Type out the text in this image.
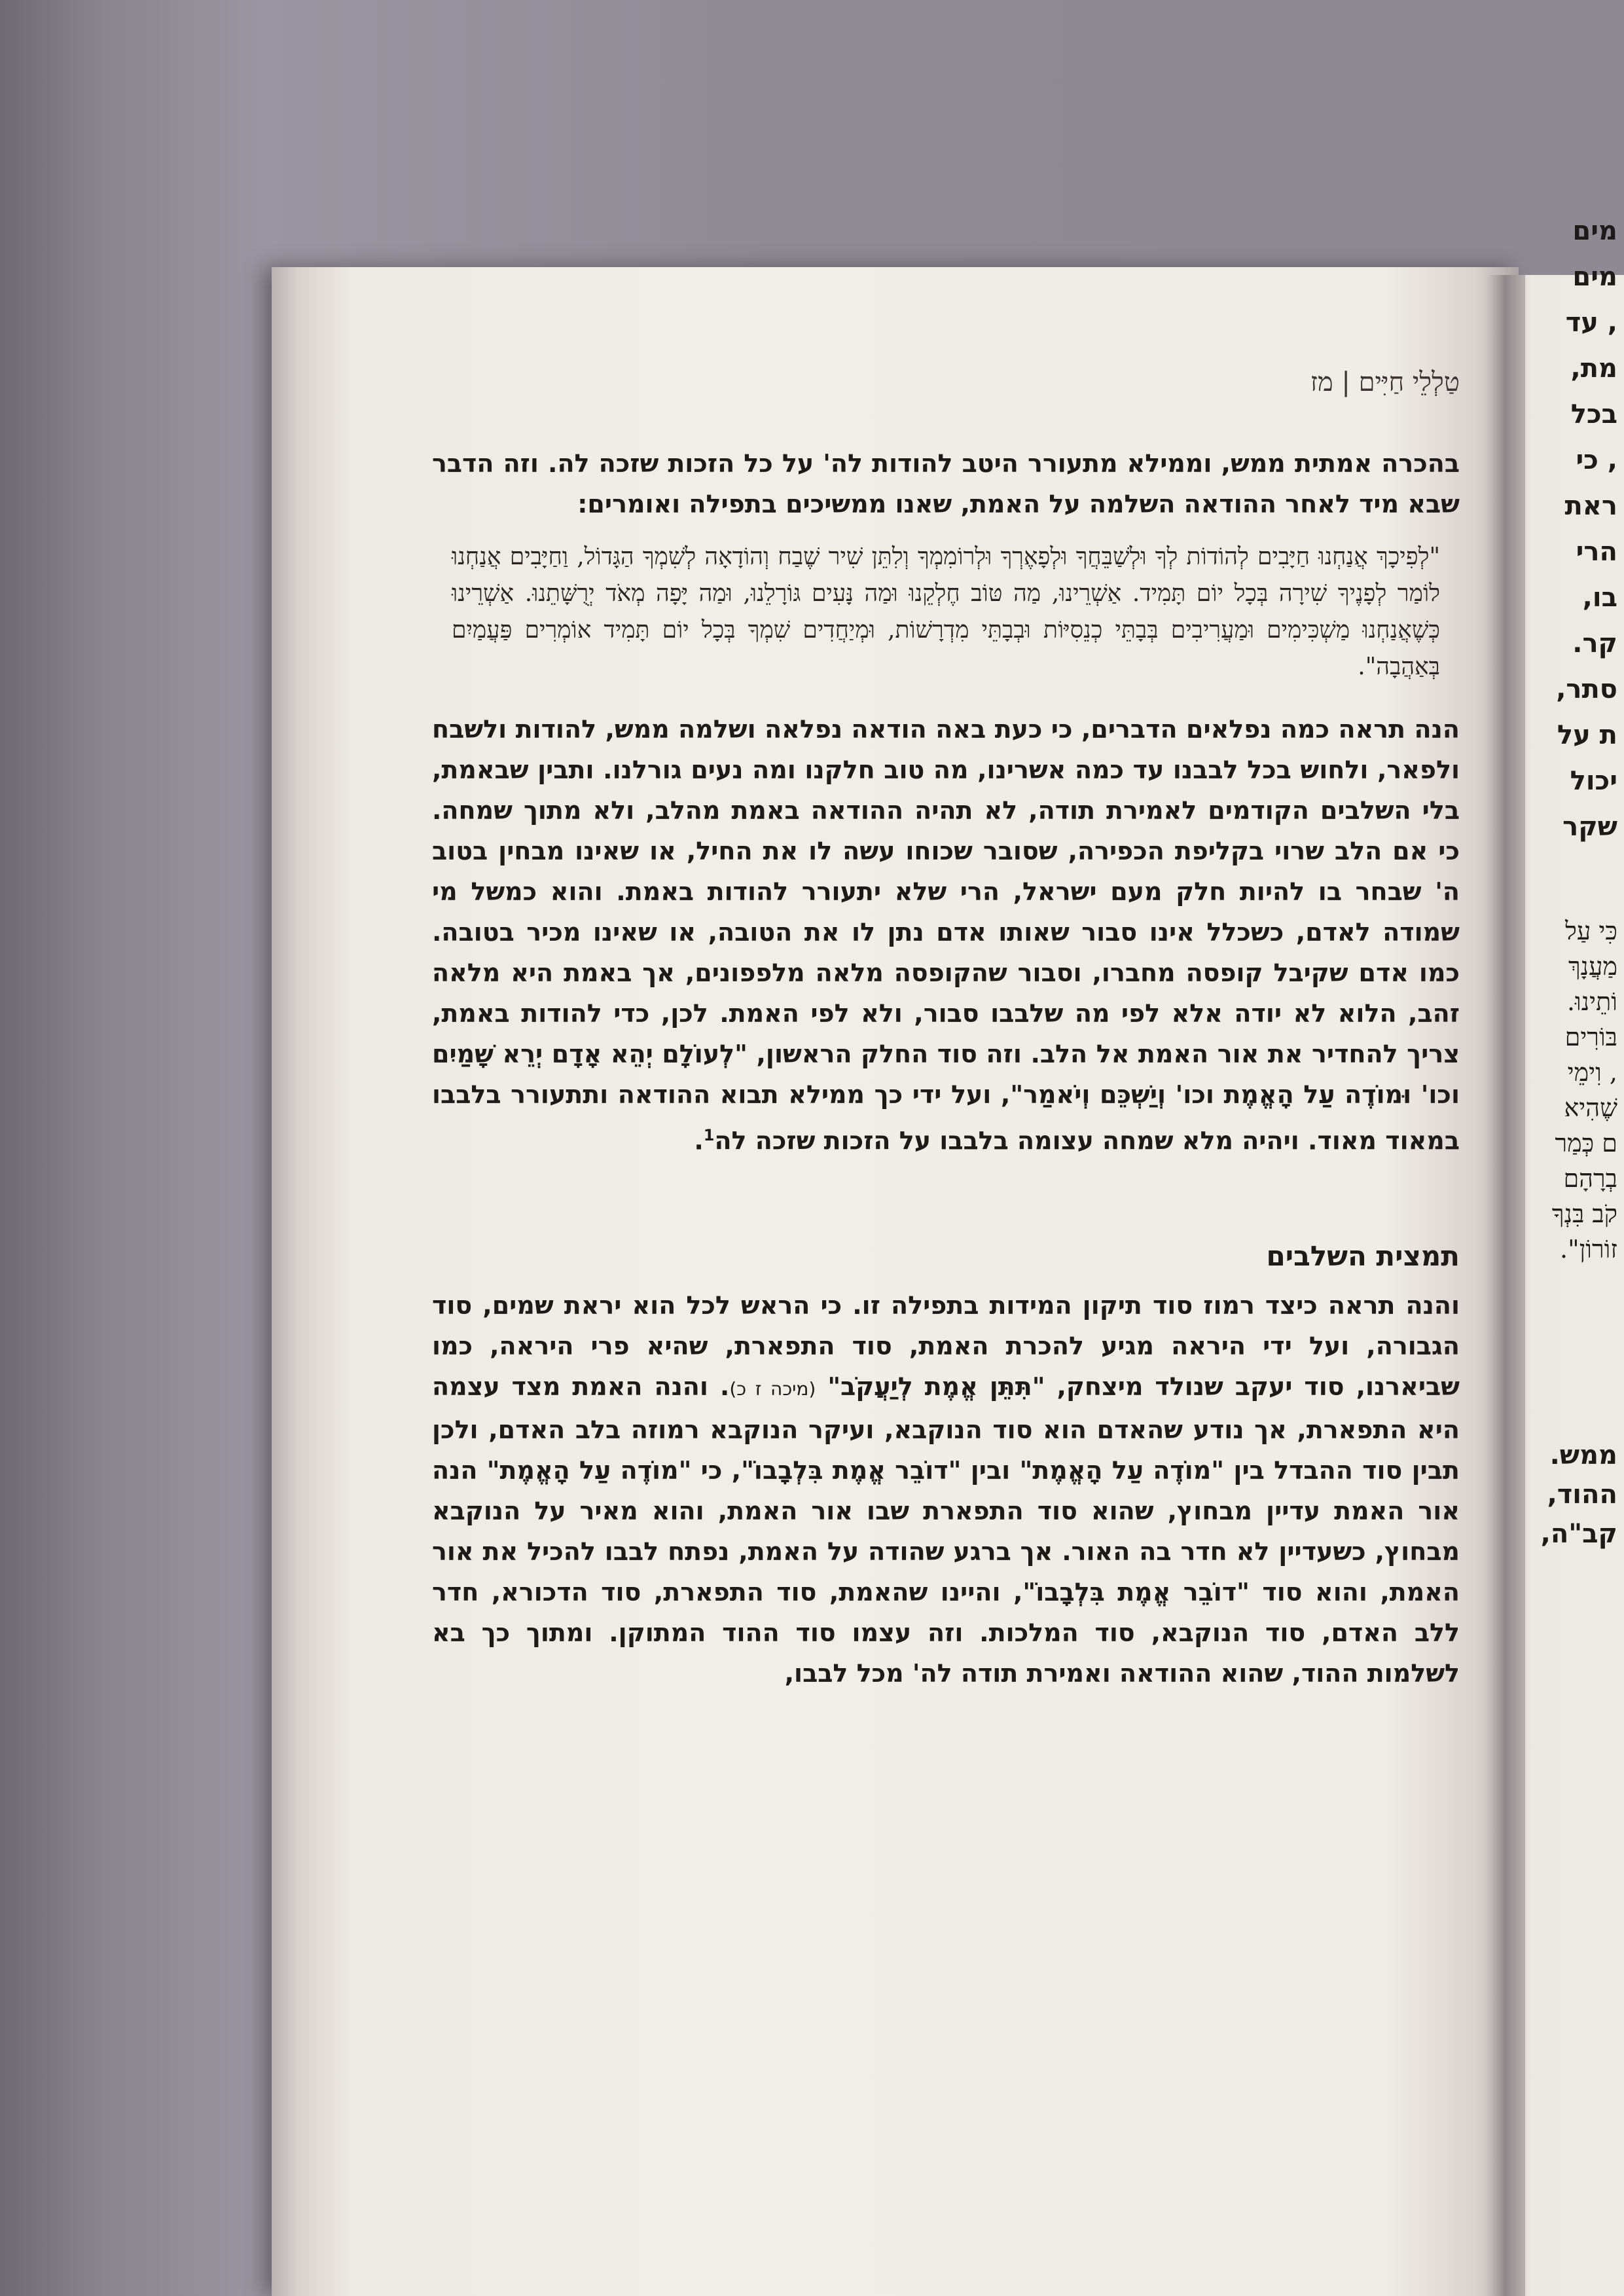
מים
מים
, עד
מת,
בכל
, כי
ראת
הרי
בו,
קר.
סתר,
ת על
יכול
שקר
כִּי עַל
מַעֲנָךְ
וֹתֵינוּ.
בּוֹרִים
, וִימֵי
שֶׁהִיא
ם כְּמַר
בְרָהָם
קֹב בִּנְךָ
זוֹרוֹן".
ממש.
ההוד,
קב"ה,
טַלְלֵי חַיִּים | מז

בהכרה אמתית ממש, וממילא מתעורר היטב להודות לה' על כל הזכות שזכה לה. וזה הדבר שבא מיד לאחר ההודאה השלמה על האמת, שאנו ממשיכים בתפילה ואומרים:

"לְפִיכָךְ אֲנַחְנוּ חַיָּבִים לְהוֹדוֹת לְךָ וּלְשַׁבֵּחֲךָ וּלְפָאֶרְךָ וּלְרוֹמִמְךָ וְלִתֵּן שִׁיר שֶׁבַח וְהוֹדָאָה לְשִׁמְךָ הַגָּדוֹל, וַחַיָּבִים אֲנַחְנוּ לוֹמַר לְפָנֶיךָ שִׁירָה בְּכָל יוֹם תָּמִיד. אַשְׁרֵינוּ, מַה טּוֹב חֶלְקֵנוּ וּמַה נָּעִים גּוֹרָלֵנוּ, וּמַה יָּפָה מְאֹד יְרֻשָּׁתֵנוּ. אַשְׁרֵינוּ כְּשֶׁאֲנַחְנוּ מַשְׁכִּימִים וּמַעֲרִיבִים בְּבָתֵּי כְנֵסִיּוֹת וּבְבָתֵּי מִדְרָשׁוֹת, וּמְיַחֲדִים שִׁמְךָ בְּכָל יוֹם תָּמִיד אוֹמְרִים פַּעֲמַיִם בְּאַהֲבָה".

הנה תראה כמה נפלאים הדברים, כי כעת באה הודאה נפלאה ושלמה ממש, להודות ולשבח ולפאר, ולחוש בכל לבבנו עד כמה אשרינו, מה טוב חלקנו ומה נעים גורלנו. ותבין שבאמת, בלי השלבים הקודמים לאמירת תודה, לא תהיה ההודאה באמת מהלב, ולא מתוך שמחה. כי אם הלב שרוי בקליפת הכפירה, שסובר שכוחו עשה לו את החיל, או שאינו מבחין בטוב ה' שבחר בו להיות חלק מעם ישראל, הרי שלא יתעורר להודות באמת. והוא כמשל מי שמודה לאדם, כשכלל אינו סבור שאותו אדם נתן לו את הטובה, או שאינו מכיר בטובה. כמו אדם שקיבל קופסה מחברו, וסבור שהקופסה מלאה מלפפונים, אך באמת היא מלאה זהב, הלוא לא יודה אלא לפי מה שלבבו סבור, ולא לפי האמת. לכן, כדי להודות באמת, צריך להחדיר את אור האמת אל הלב. וזה סוד החלק הראשון, "לְעוֹלָם יְהֵא אָדָם יְרֵא שָׁמַיִם וכו' וּמוֹדֶה עַל הָאֱמֶת וכו' וְיַשְׁכֵּם וְיֹאמַר", ועל ידי כך ממילא תבוא ההודאה ותתעורר בלבבו במאוד מאוד. ויהיה מלא שמחה עצומה בלבבו על הזכות שזכה לה$^1$.

תמצית השלבים

והנה תראה כיצד רמוז סוד תיקון המידות בתפילה זו. כי הראש לכל הוא יראת שמים, סוד הגבורה, ועל ידי היראה מגיע להכרת האמת, סוד התפארת, שהיא פרי היראה, כמו שביארנו, סוד יעקב שנולד מיצחק, "תִּתֵּן אֱמֶת לְיַעֲקֹב" (מיכה ז כ). והנה האמת מצד עצמה היא התפארת, אך נודע שהאדם הוא סוד הנוקבא, ועיקר הנוקבא רמוזה בלב האדם, ולכן תבין סוד ההבדל בין "מוֹדֶה עַל הָאֱמֶת" ובין "דוֹבֵר אֱמֶת בִּלְבָבוֹ", כי "מוֹדֶה עַל הָאֱמֶת" הנה אור האמת עדיין מבחוץ, שהוא סוד התפארת שבו אור האמת, והוא מאיר על הנוקבא מבחוץ, כשעדיין לא חדר בה האור. אך ברגע שהודה על האמת, נפתח לבבו להכיל את אור האמת, והוא סוד "דוֹבֵר אֱמֶת בִּלְבָבוֹ", והיינו שהאמת, סוד התפארת, סוד הדכורא, חדר ללב האדם, סוד הנוקבא, סוד המלכות. וזה עצמו סוד ההוד המתוקן. ומתוך כך בא לשלמות ההוד, שהוא ההודאה ואמירת תודה לה' מכל לבבו,
